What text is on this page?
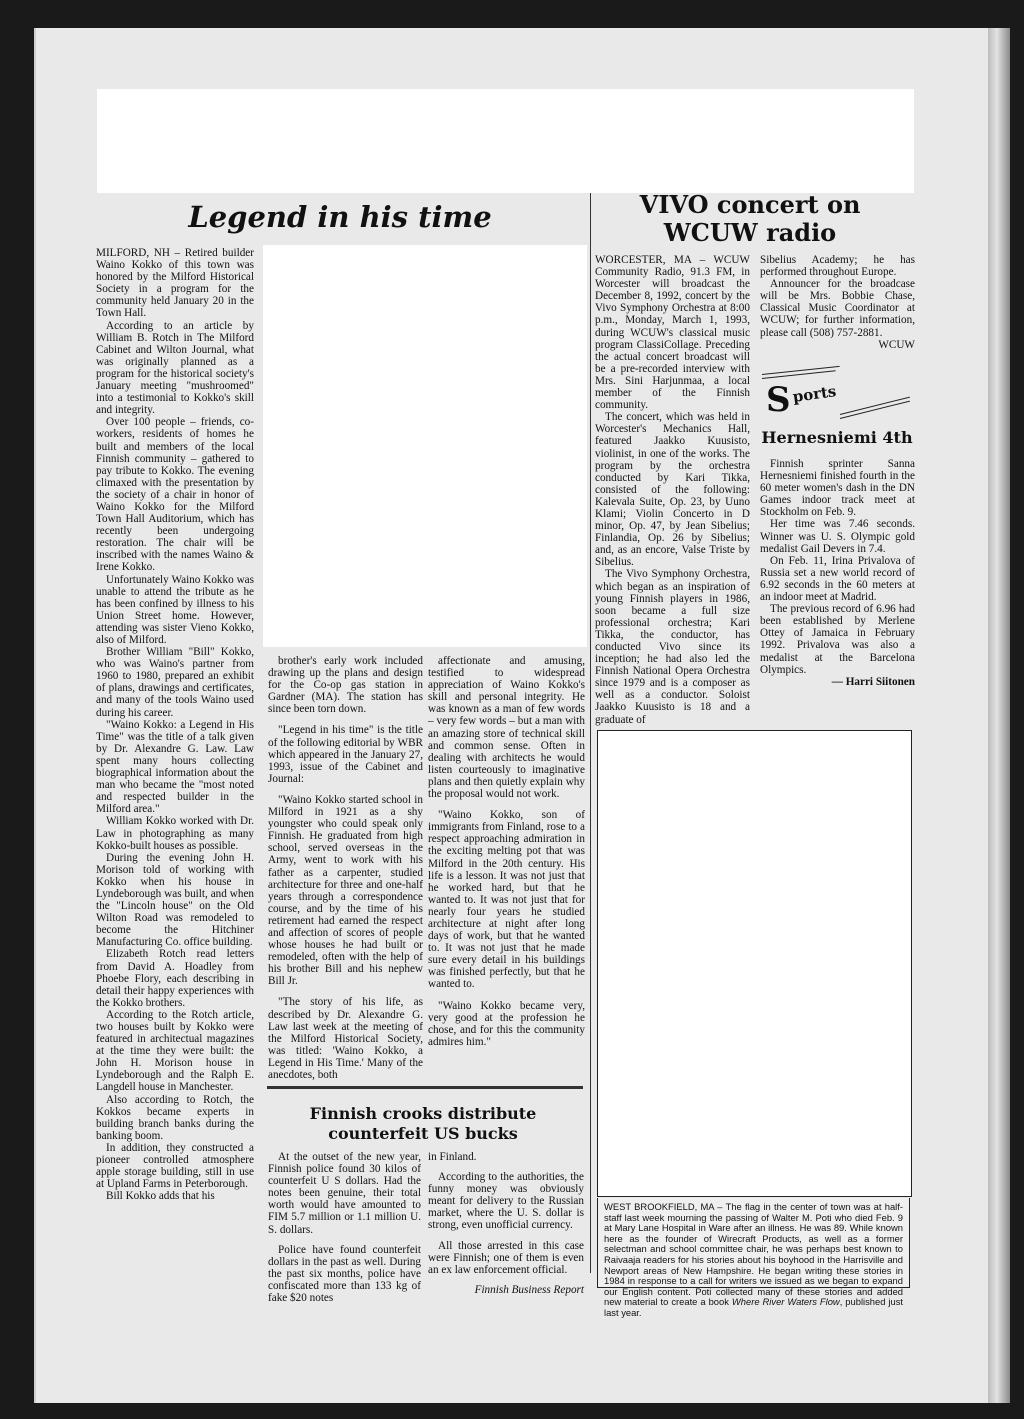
Legend in his time

MILFORD, NH – Retired builder Waino Kokko of this town was honored by the Milford Historical Society in a program for the community held January 20 in the Town Hall.

According to an article by William B. Rotch in The Milford Cabinet and Wilton Journal, what was originally planned as a program for the historical society's January meeting "mushroomed" into a testimonial to Kokko's skill and integrity.

Over 100 people – friends, co-workers, residents of homes he built and members of the local Finnish community – gathered to pay tribute to Kokko. The evening climaxed with the presentation by the society of a chair in honor of Waino Kokko for the Milford Town Hall Auditorium, which has recently been undergoing restoration. The chair will be inscribed with the names Waino & Irene Kokko.

Unfortunately Waino Kokko was unable to attend the tribute as he has been confined by illness to his Union Street home. However, attending was sister Vieno Kokko, also of Milford.

Brother William "Bill" Kokko, who was Waino's partner from 1960 to 1980, prepared an exhibit of plans, drawings and certificates, and many of the tools Waino used during his career.

"Waino Kokko: a Legend in His Time" was the title of a talk given by Dr. Alexandre G. Law. Law spent many hours collecting biographical information about the man who became the "most noted and respected builder in the Milford area."

William Kokko worked with Dr. Law in photographing as many Kokko-built houses as possible.

During the evening John H. Morison told of working with Kokko when his house in Lyndeborough was built, and when the "Lincoln house" on the Old Wilton Road was remodeled to become the Hitchiner Manufacturing Co. office building.

Elizabeth Rotch read letters from David A. Hoadley from Phoebe Flory, each describing in detail their happy experiences with the Kokko brothers.

According to the Rotch article, two houses built by Kokko were featured in architectual magazines at the time they were built: the John H. Morison house in Lyndeborough and the Ralph E. Langdell house in Manchester.

Also according to Rotch, the Kokkos became experts in building branch banks during the banking boom.

In addition, they constructed a pioneer controlled atmosphere apple storage building, still in use at Upland Farms in Peterborough.

Bill Kokko adds that his

brother's early work included drawing up the plans and design for the Co-op gas station in Gardner (MA). The station has since been torn down.

"Legend in his time" is the title of the following editorial by WBR which appeared in the January 27, 1993, issue of the Cabinet and Journal:

"Waino Kokko started school in Milford in 1921 as a shy youngster who could speak only Finnish. He graduated from high school, served overseas in the Army, went to work with his father as a carpenter, studied architecture for three and one-half years through a correspondence course, and by the time of his retirement had earned the respect and affection of scores of people whose houses he had built or remodeled, often with the help of his brother Bill and his nephew Bill Jr.

"The story of his life, as described by Dr. Alexandre G. Law last week at the meeting of the Milford Historical Society, was titled: 'Waino Kokko, a Legend in His Time.' Many of the anecdotes, both

affectionate and amusing, testified to widespread appreciation of Waino Kokko's skill and personal integrity. He was known as a man of few words – very few words – but a man with an amazing store of technical skill and common sense. Often in dealing with architects he would listen courteously to imaginative plans and then quietly explain why the proposal would not work.

"Waino Kokko, son of immigrants from Finland, rose to a respect approaching admiration in the exciting melting pot that was Milford in the 20th century. His life is a lesson. It was not just that he worked hard, but that he wanted to. It was not just that for nearly four years he studied architecture at night after long days of work, but that he wanted to. It was not just that he made sure every detail in his buildings was finished perfectly, but that he wanted to.

"Waino Kokko became very, very good at the profession he chose, and for this the community admires him."

VIVO concert on
WCUW radio

WORCESTER, MA – WCUW Community Radio, 91.3 FM, in Worcester will broadcast the December 8, 1992, concert by the Vivo Symphony Orchestra at 8:00 p.m., Monday, March 1, 1993, during WCUW's classical music program ClassiCollage. Preceding the actual concert broadcast will be a pre-recorded interview with Mrs. Sini Harjunmaa, a local member of the Finnish community.

The concert, which was held in Worcester's Mechanics Hall, featured Jaakko Kuusisto, violinist, in one of the works. The program by the orchestra conducted by Kari Tikka, consisted of the following: Kalevala Suite, Op. 23, by Uuno Klami; Violin Concerto in D minor, Op. 47, by Jean Sibelius; Finlandia, Op. 26 by Sibelius; and, as an encore, Valse Triste by Sibelius.

The Vivo Symphony Orchestra, which began as an inspiration of young Finnish players in 1986, soon became a full size professional orchestra; Kari Tikka, the conductor, has conducted Vivo since its inception; he had also led the Finnish National Opera Orchestra since 1979 and is a composer as well as a conductor. Soloist Jaakko Kuusisto is 18 and a graduate of

Sibelius Academy; he has performed throughout Europe.

Announcer for the broadcase will be Mrs. Bobbie Chase, Classical Music Coordinator at WCUW; for further information, please call (508) 757-2881.

WCUW

S ports
Hernesniemi 4th

Finnish sprinter Sanna Hernesniemi finished fourth in the 60 meter women's dash in the DN Games indoor track meet at Stockholm on Feb. 9.

Her time was 7.46 seconds. Winner was U. S. Olympic gold medalist Gail Devers in 7.4.

On Feb. 11, Irina Privalova of Russia set a new world record of 6.92 seconds in the 60 meters at an indoor meet at Madrid.

The previous record of 6.96 had been established by Merlene Ottey of Jamaica in February 1992. Privalova was also a medalist at the Barcelona Olympics.

— Harri Siitonen

WEST BROOKFIELD, MA – The flag in the center of town was at half-staff last week mourning the passing of Walter M. Poti who died Feb. 9 at Mary Lane Hospital in Ware after an illness. He was 89. While known here as the founder of Wirecraft Products, as well as a former selectman and school committee chair, he was perhaps best known to Raivaaja readers for his stories about his boyhood in the Harrisville and Newport areas of New Hampshire. He began writing these stories in 1984 in response to a call for writers we issued as we began to expand our English content. Poti collected many of these stories and added new material to create a book Where River Waters Flow, published just last year.
Finnish crooks distribute
counterfeit US bucks

At the outset of the new year, Finnish police found 30 kilos of counterfeit U S dollars. Had the notes been genuine, their total worth would have amounted to FIM 5.7 million or 1.1 million U. S. dollars.

Police have found counterfeit dollars in the past as well. During the past six months, police have confiscated more than 133 kg of fake $20 notes

in Finland.

According to the authorities, the funny money was obviously meant for delivery to the Russian market, where the U. S. dollar is strong, even unofficial currency.

All those arrested in this case were Finnish; one of them is even an ex law enforcement official.

Finnish Business Report
